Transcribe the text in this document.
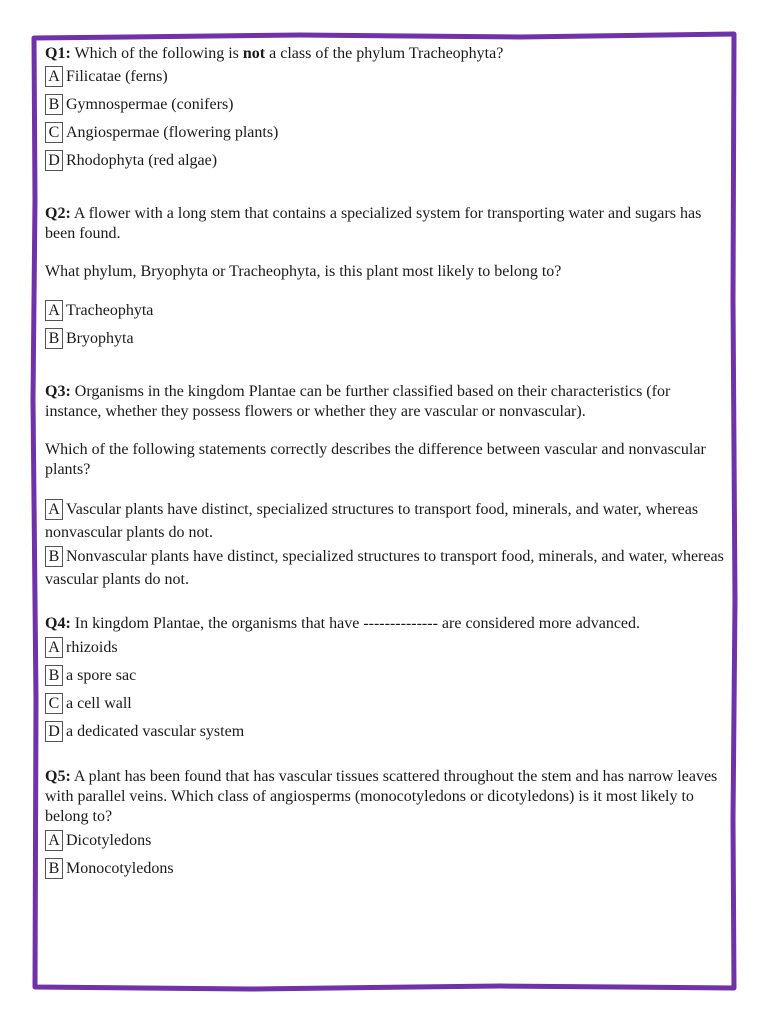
Q1: Which of the following is not a class of the phylum Tracheophyta?

A Filicatae (ferns)
B Gymnospermae (conifers)
C Angiospermae (flowering plants)
D Rhodophyta (red algae)

Q2: A flower with a long stem that contains a specialized system for transporting water and sugars has been found.

What phylum, Bryophyta or Tracheophyta, is this plant most likely to belong to?

A Tracheophyta
B Bryophyta

Q3: Organisms in the kingdom Plantae can be further classified based on their characteristics (for instance, whether they possess flowers or whether they are vascular or nonvascular).

Which of the following statements correctly describes the difference between vascular and nonvascular plants?

A Vascular plants have distinct, specialized structures to transport food, minerals, and water, whereas nonvascular plants do not.
B Nonvascular plants have distinct, specialized structures to transport food, minerals, and water, whereas vascular plants do not.

Q4: In kingdom Plantae, the organisms that have -------------- are considered more advanced.

A rhizoids
B a spore sac
C a cell wall
D a dedicated vascular system

Q5: A plant has been found that has vascular tissues scattered throughout the stem and has narrow leaves with parallel veins. Which class of angiosperms (monocotyledons or dicotyledons) is it most likely to belong to?

A Dicotyledons
B Monocotyledons
